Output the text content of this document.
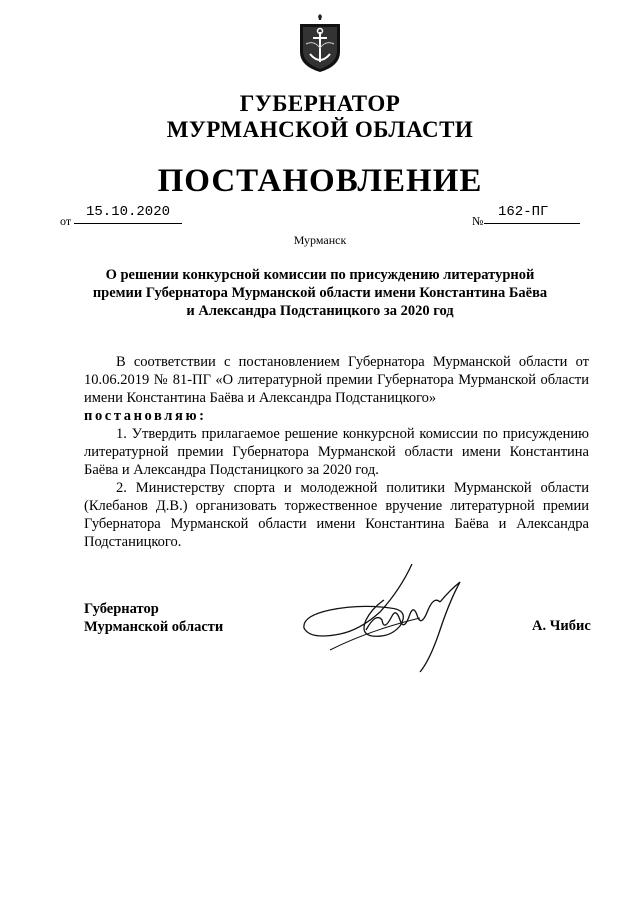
ГУБЕРНАТОР
МУРМАНСКОЙ ОБЛАСТИ
ПОСТАНОВЛЕНИЕ
от
15.10.2020
№
162-ПГ
Мурманск
О решении конкурсной комиссии по присуждению литературной
премии Губернатора Мурманской области имени Константина Баёва
и Александра Подстаницкого за 2020 год

В соответствии с постановлением Губернатора Мурманской области от 10.06.2019 № 81-ПГ «О литературной премии Губернатора Мурманской области имени Константина Баёва и Александра Подстаницкого»

постановляю:

1. Утвердить прилагаемое решение конкурсной комиссии по присуждению литературной премии Губернатора Мурманской области имени Константина Баёва и Александра Подстаницкого за 2020 год.

2. Министерству спорта и молодежной политики Мурманской области (Клебанов Д.В.) организовать торжественное вручение литературной премии Губернатора Мурманской области имени Константина Баёва и Александра Подстаницкого.

Губернатор
Мурманской области	А. Чибис
